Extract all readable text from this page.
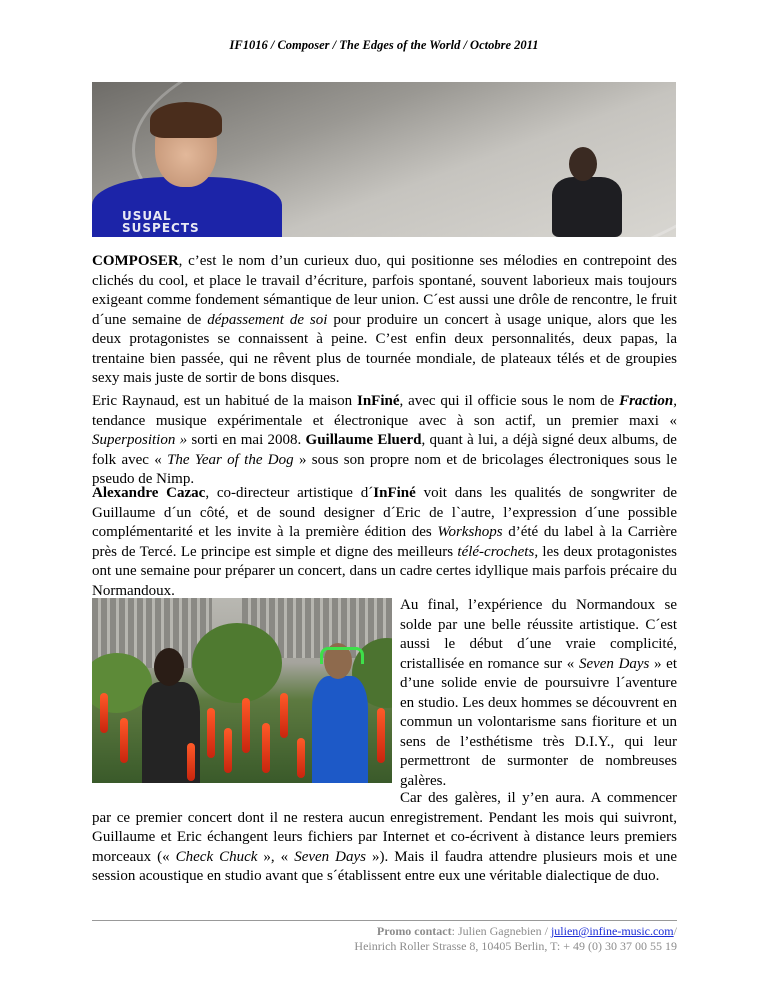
IF1016 / Composer / The Edges of the World / Octobre 2011
USUAL SUSPECTS

COMPOSER, c’est le nom d’un curieux duo, qui positionne ses mélodies en contrepoint des clichés du cool, et place le travail d’écriture, parfois spontané, souvent laborieux mais toujours exigeant comme fondement sémantique de leur union. C´est aussi une drôle de rencontre, le fruit d´une semaine de dépassement de soi pour produire un concert à usage unique, alors que les deux protagonistes se connaissent à peine. C’est enfin deux personnalités, deux papas, la trentaine bien passée, qui ne rêvent plus de tournée mondiale, de plateaux télés et de groupies sexy mais juste de sortir de bons disques.

Eric Raynaud, est un habitué de la maison InFiné, avec qui il officie sous le nom de Fraction, tendance musique expérimentale et électronique avec à son actif, un premier maxi « Superposition » sorti en mai 2008. Guillaume Eluerd, quant à lui, a déjà signé deux albums, de folk avec « The Year of the Dog » sous son propre nom et de bricolages électroniques sous le pseudo de Nimp.

Alexandre Cazac, co-directeur artistique d´InFiné voit dans les qualités de songwriter de Guillaume d´un côté, et de sound designer d´Eric de l`autre, l’expression d´une possible complémentarité et les invite à la première édition des Workshops d’été du label à la Carrière près de Tercé. Le principe est simple et digne des meilleurs télé-crochets, les deux protagonistes ont une semaine pour préparer un concert, dans un cadre certes idyllique mais parfois précaire du Normandoux.

Au final, l’expérience du Normandoux se solde par une belle réussite artistique. C´est aussi le début d´une vraie complicité, cristallisée en romance sur « Seven Days » et d’une solide envie de poursuivre l´aventure en studio. Les deux hommes se découvrent en commun un volontarisme sans fioriture et un sens de l’esthétisme très D.I.Y., qui leur permettront de surmonter de nombreuses galères.

Car des galères, il y’en aura. A commencer par ce premier concert dont il ne restera aucun enregistrement. Pendant les mois qui suivront, Guillaume et Eric échangent leurs fichiers par Internet et co-écrivent à distance leurs premiers morceaux (« Check Chuck », « Seven Days »). Mais il faudra attendre plusieurs mois et une session acoustique en studio avant que s´établissent entre eux une véritable dialectique de duo.

Promo contact: Julien Gagnebien / julien@infine-music.com/
Heinrich Roller Strasse 8, 10405 Berlin, T: + 49 (0) 30 37 00 55 19
